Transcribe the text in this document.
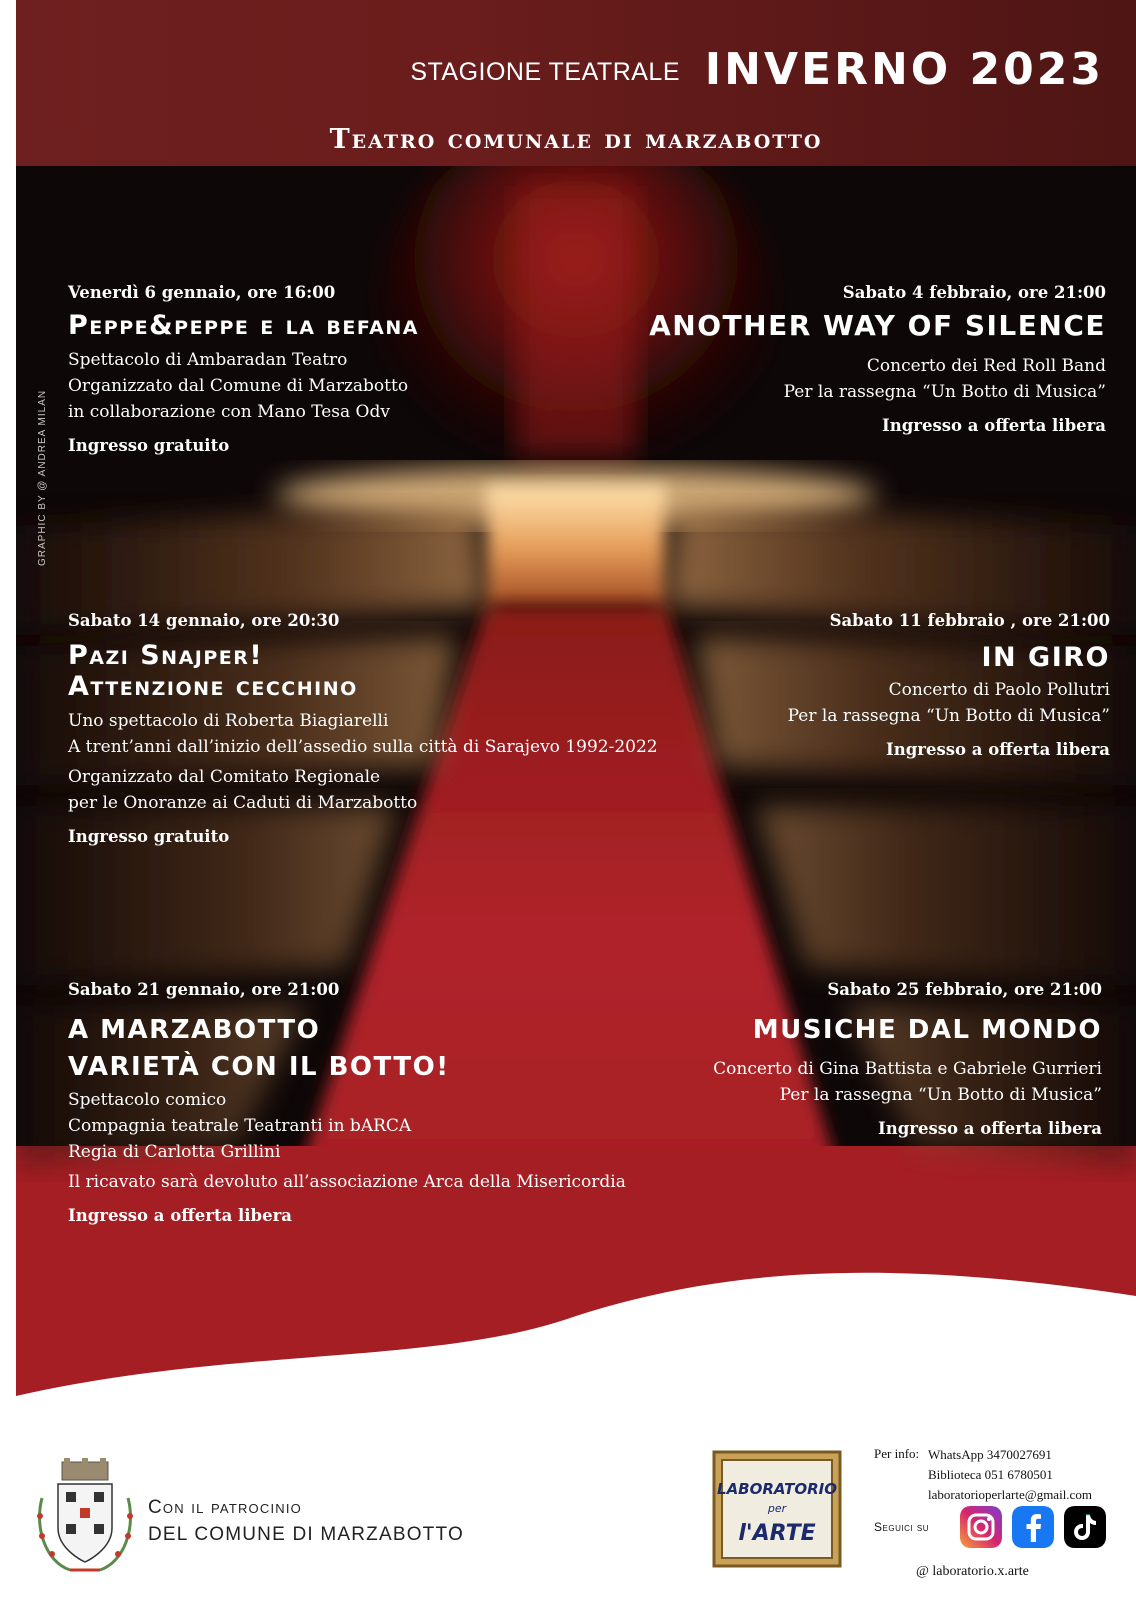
STAGIONE TEATRALE INVERNO 2023
Teatro comunale di marzabotto
GRAPHIC BY @ ANDREA MILAN
Venerdì 6 gennaio, ore 16:00
Peppe&peppe e la befana
Spettacolo di Ambaradan Teatro
Organizzato dal Comune di Marzabotto
in collaborazione con Mano Tesa Odv
Ingresso gratuito
Sabato 4 febbraio, ore 21:00
ANOTHER WAY OF SILENCE
Concerto dei Red Roll Band
Per la rassegna “Un Botto di Musica”
Ingresso a offerta libera
Sabato 14 gennaio, ore 20:30
Pazi Snajper!
Attenzione cecchino
Uno spettacolo di Roberta Biagiarelli
A trent’anni dall’inizio dell’assedio sulla città di Sarajevo 1992-2022
Organizzato dal Comitato Regionale
per le Onoranze ai Caduti di Marzabotto
Ingresso gratuito
Sabato 11 febbraio , ore 21:00
IN GIRO
Concerto di Paolo Pollutri
Per la rassegna “Un Botto di Musica”
Ingresso a offerta libera
Sabato 21 gennaio, ore 21:00
A MARZABOTTO
VARIETÀ CON IL BOTTO!
Spettacolo comico
Compagnia teatrale Teatranti in bARCA
Regia di Carlotta Grillini
Il ricavato sarà devoluto all’associazione Arca della Misericordia
Ingresso a offerta libera
Sabato 25 febbraio, ore 21:00
MUSICHE DAL MONDO
Concerto di Gina Battista e Gabriele Gurrieri
Per la rassegna “Un Botto di Musica”
Ingresso a offerta libera
Con il patrocinio
DEL COMUNE DI MARZABOTTO
LABORATORIO
per
l'ARTE
Per info: WhatsApp 3470027691
Biblioteca 051 6780501
laboratorioperlarte@gmail.com
Seguici su
@ laboratorio.x.arte
